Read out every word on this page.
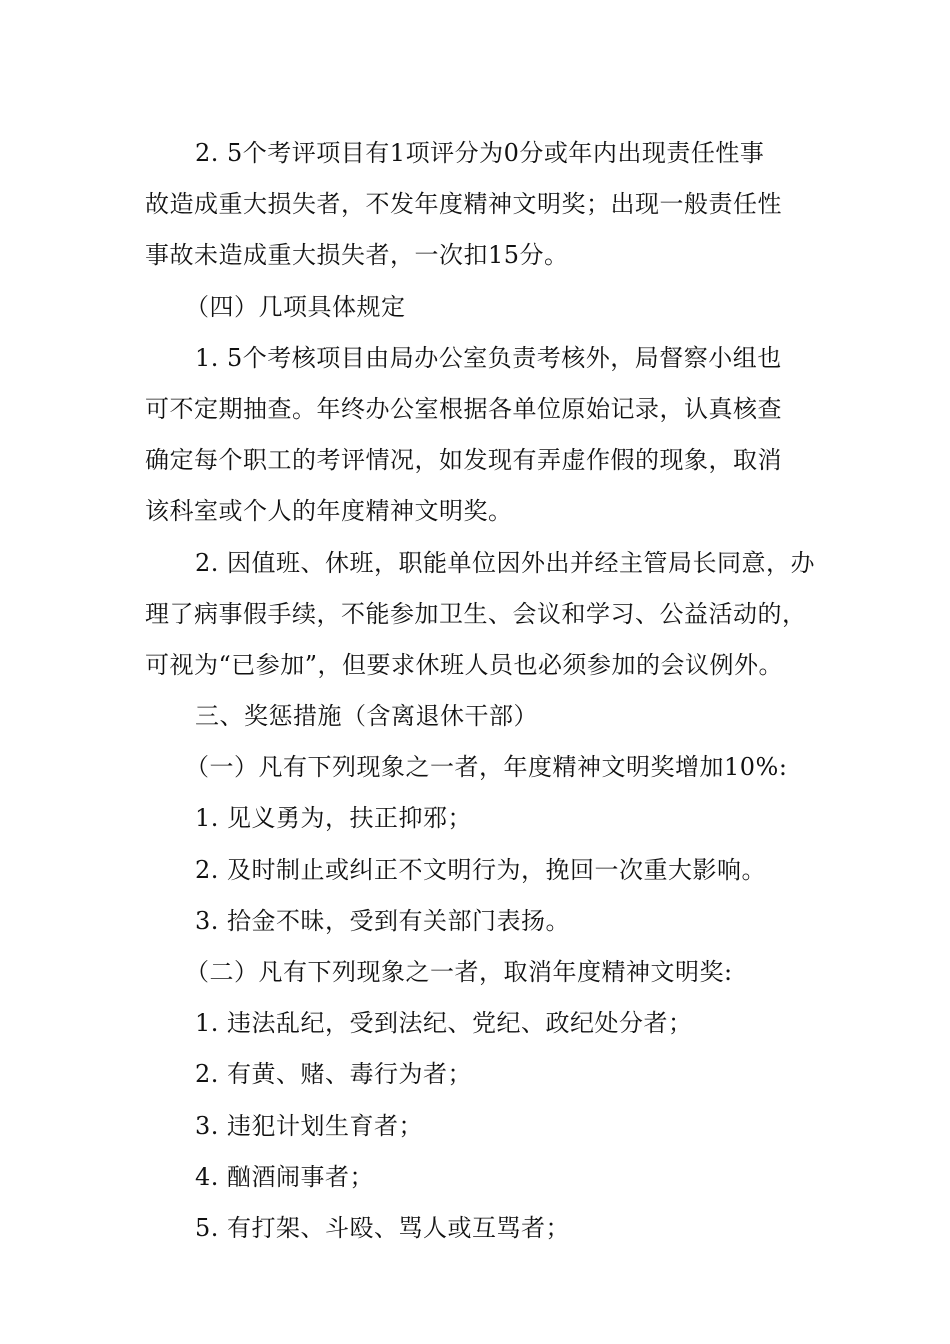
2. 5个考评项目有1项评分为0分或年内出现责任性事
故造成重大损失者，不发年度精神文明奖；出现一般责任性
事故未造成重大损失者，一次扣15分。
（四）几项具体规定
1. 5个考核项目由局办公室负责考核外，局督察小组也
可不定期抽查。年终办公室根据各单位原始记录，认真核查
确定每个职工的考评情况，如发现有弄虚作假的现象，取消
该科室或个人的年度精神文明奖。
2. 因值班、休班，职能单位因外出并经主管局长同意，办
理了病事假手续，不能参加卫生、会议和学习、公益活动的，
可视为“已参加”，但要求休班人员也必须参加的会议例外。
三、奖惩措施（含离退休干部）
（一）凡有下列现象之一者，年度精神文明奖增加10%:
1. 见义勇为，扶正抑邪；
2. 及时制止或纠正不文明行为，挽回一次重大影响。
3. 拾金不昧，受到有关部门表扬。
（二）凡有下列现象之一者，取消年度精神文明奖:
1. 违法乱纪，受到法纪、党纪、政纪处分者；
2. 有黄、赌、毒行为者；
3. 违犯计划生育者；
4. 酗酒闹事者；
5. 有打架、斗殴、骂人或互骂者；
